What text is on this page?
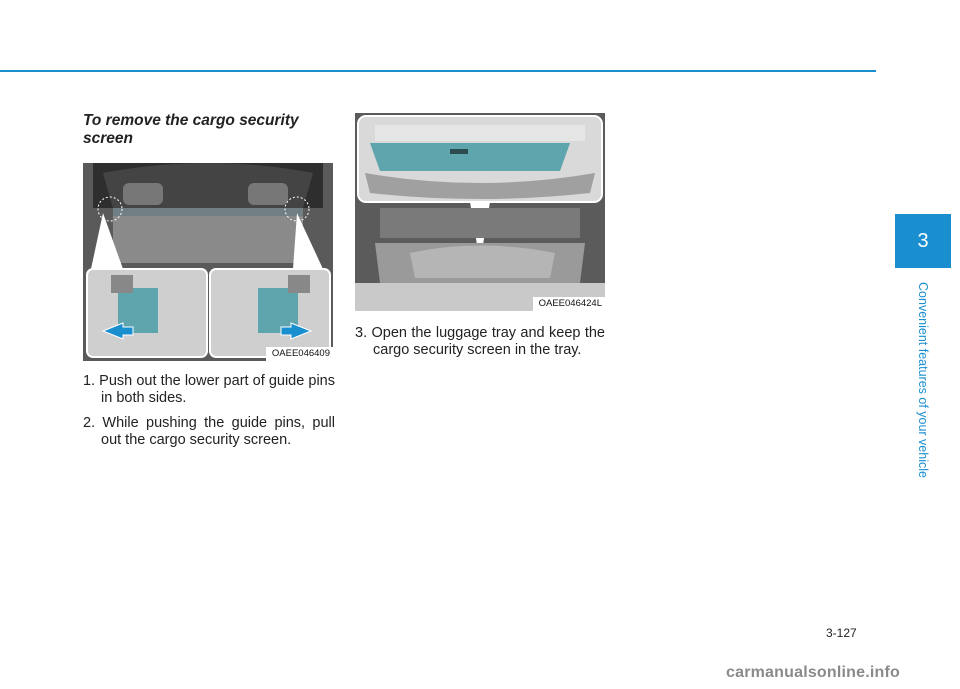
To remove the cargo security screen
OAEE046409
1. Push out the lower part of guide pins in both sides.
2. While pushing the guide pins, pull out the cargo security screen.
OAEE046424L
3. Open the luggage tray and keep the cargo security screen in the tray.
3
Convenient features of your vehicle
3-127
carmanualsonline.info
